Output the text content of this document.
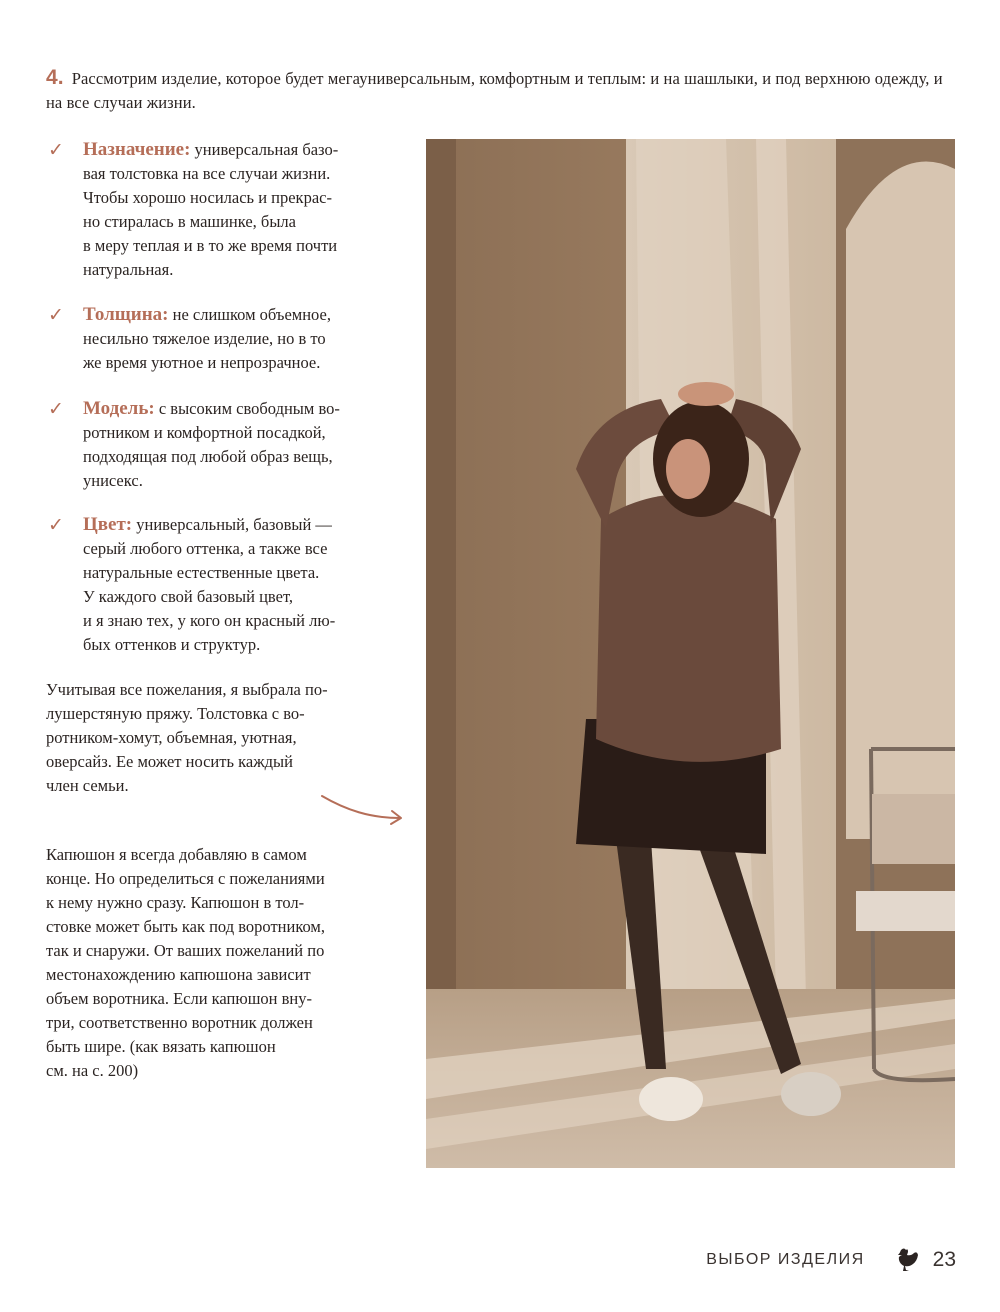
4. Рассмотрим изделие, которое будет мегауниверсальным, комфортным и теплым: и на шашлыки, и под верхнюю одежду, и на все случаи жизни.
✓ Назначение: универсальная базо-
вая толстовка на все случаи жизни.
Чтобы хорошо носилась и прекрас-
но стиралась в машинке, была
в меру теплая и в то же время почти
натуральная.
✓ Толщина: не слишком объемное,
несильно тяжелое изделие, но в то
же время уютное и непрозрачное.
✓ Модель: с высоким свободным во-
ротником и комфортной посадкой,
подходящая под любой образ вещь,
унисекс.
✓ Цвет: универсальный, базовый —
серый любого оттенка, а также все
натуральные естественные цвета.
У каждого свой базовый цвет,
и я знаю тех, у кого он красный лю-
бых оттенков и структур.
Учитывая все пожелания, я выбрала по-
лушерстяную пряжу. Толстовка с во-
ротником-хомут, объемная, уютная,
оверсайз. Ее может носить каждый
член семьи.
Капюшон я всегда добавляю в самом
конце. Но определиться с пожеланиями
к нему нужно сразу. Капюшон в тол-
стовке может быть как под воротником,
так и снаружи. От ваших пожеланий по
местонахождению капюшона зависит
объем воротника. Если капюшон вну-
три, соответственно воротник должен
быть шире. (как вязать капюшон
см. на с. 200)
ВЫБОР ИЗДЕЛИЯ	23
